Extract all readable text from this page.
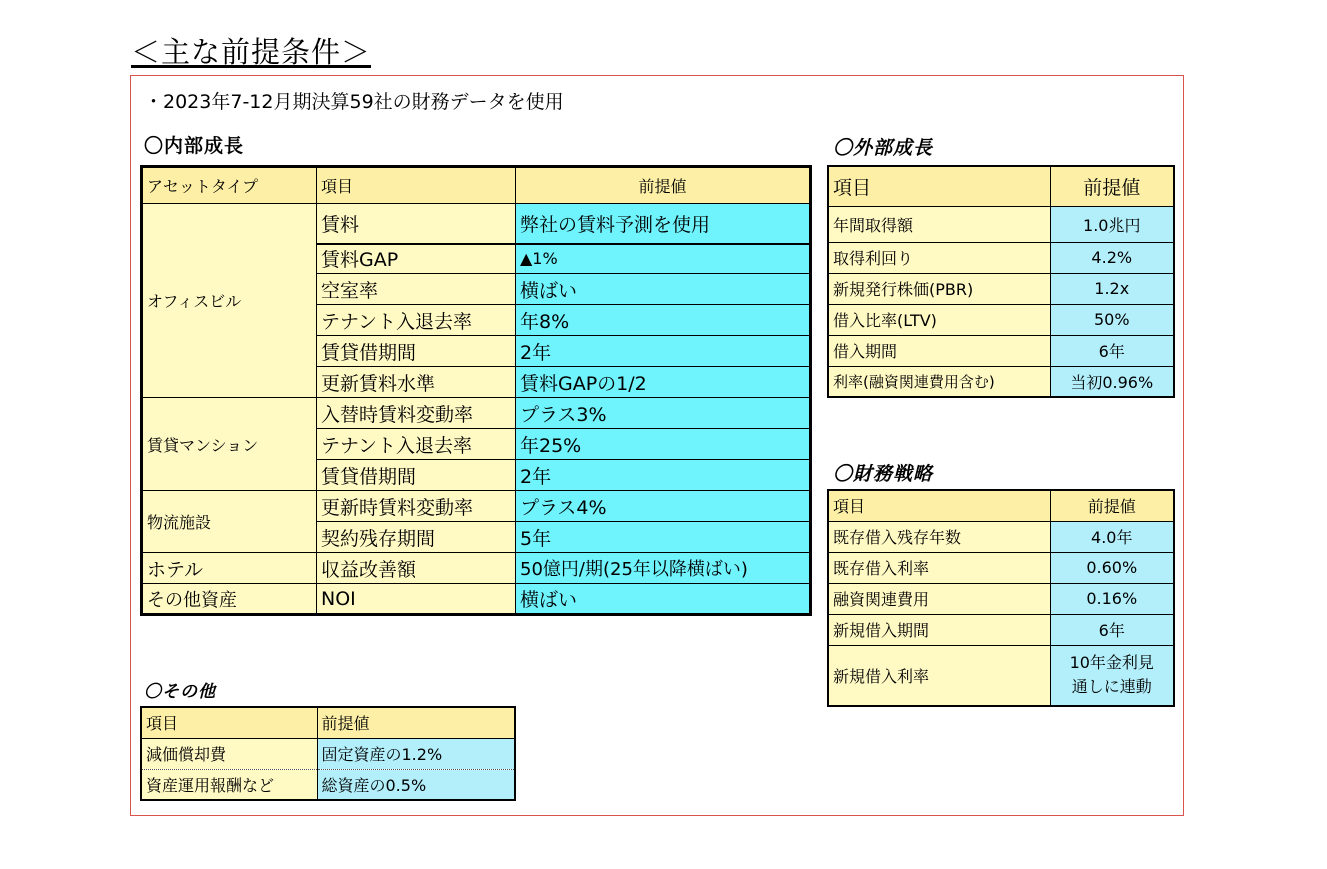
＜主な前提条件＞
・2023年7-12月期決算59社の財務データを使用
〇内部成長
アセットタイプ	項目	前提値
オフィスビル	賃料	弊社の賃料予測を使用
	賃料GAP	▲1%
	空室率	横ばい
	テナント入退去率	年8%
	賃貸借期間	2年
	更新賃料水準	賃料GAPの1/2
賃貸マンション	入替時賃料変動率	プラス3%
	テナント入退去率	年25%
	賃貸借期間	2年
物流施設	更新時賃料変動率	プラス4%
	契約残存期間	5年
ホテル	収益改善額	50億円/期(25年以降横ばい)
その他資産	NOI	横ばい
〇外部成長
項目	前提値
年間取得額	1.0兆円
取得利回り	4.2%
新規発行株価(PBR)	1.2x
借入比率(LTV)	50%
借入期間	6年
利率(融資関連費用含む)	当初0.96%
〇財務戦略
項目	前提値
既存借入残存年数	4.0年
既存借入利率	0.60%
融資関連費用	0.16%
新規借入期間	6年
新規借入利率	10年金利見
通しに連動
〇その他
項目	前提値
減価償却費	固定資産の1.2%
資産運用報酬など	総資産の0.5%
